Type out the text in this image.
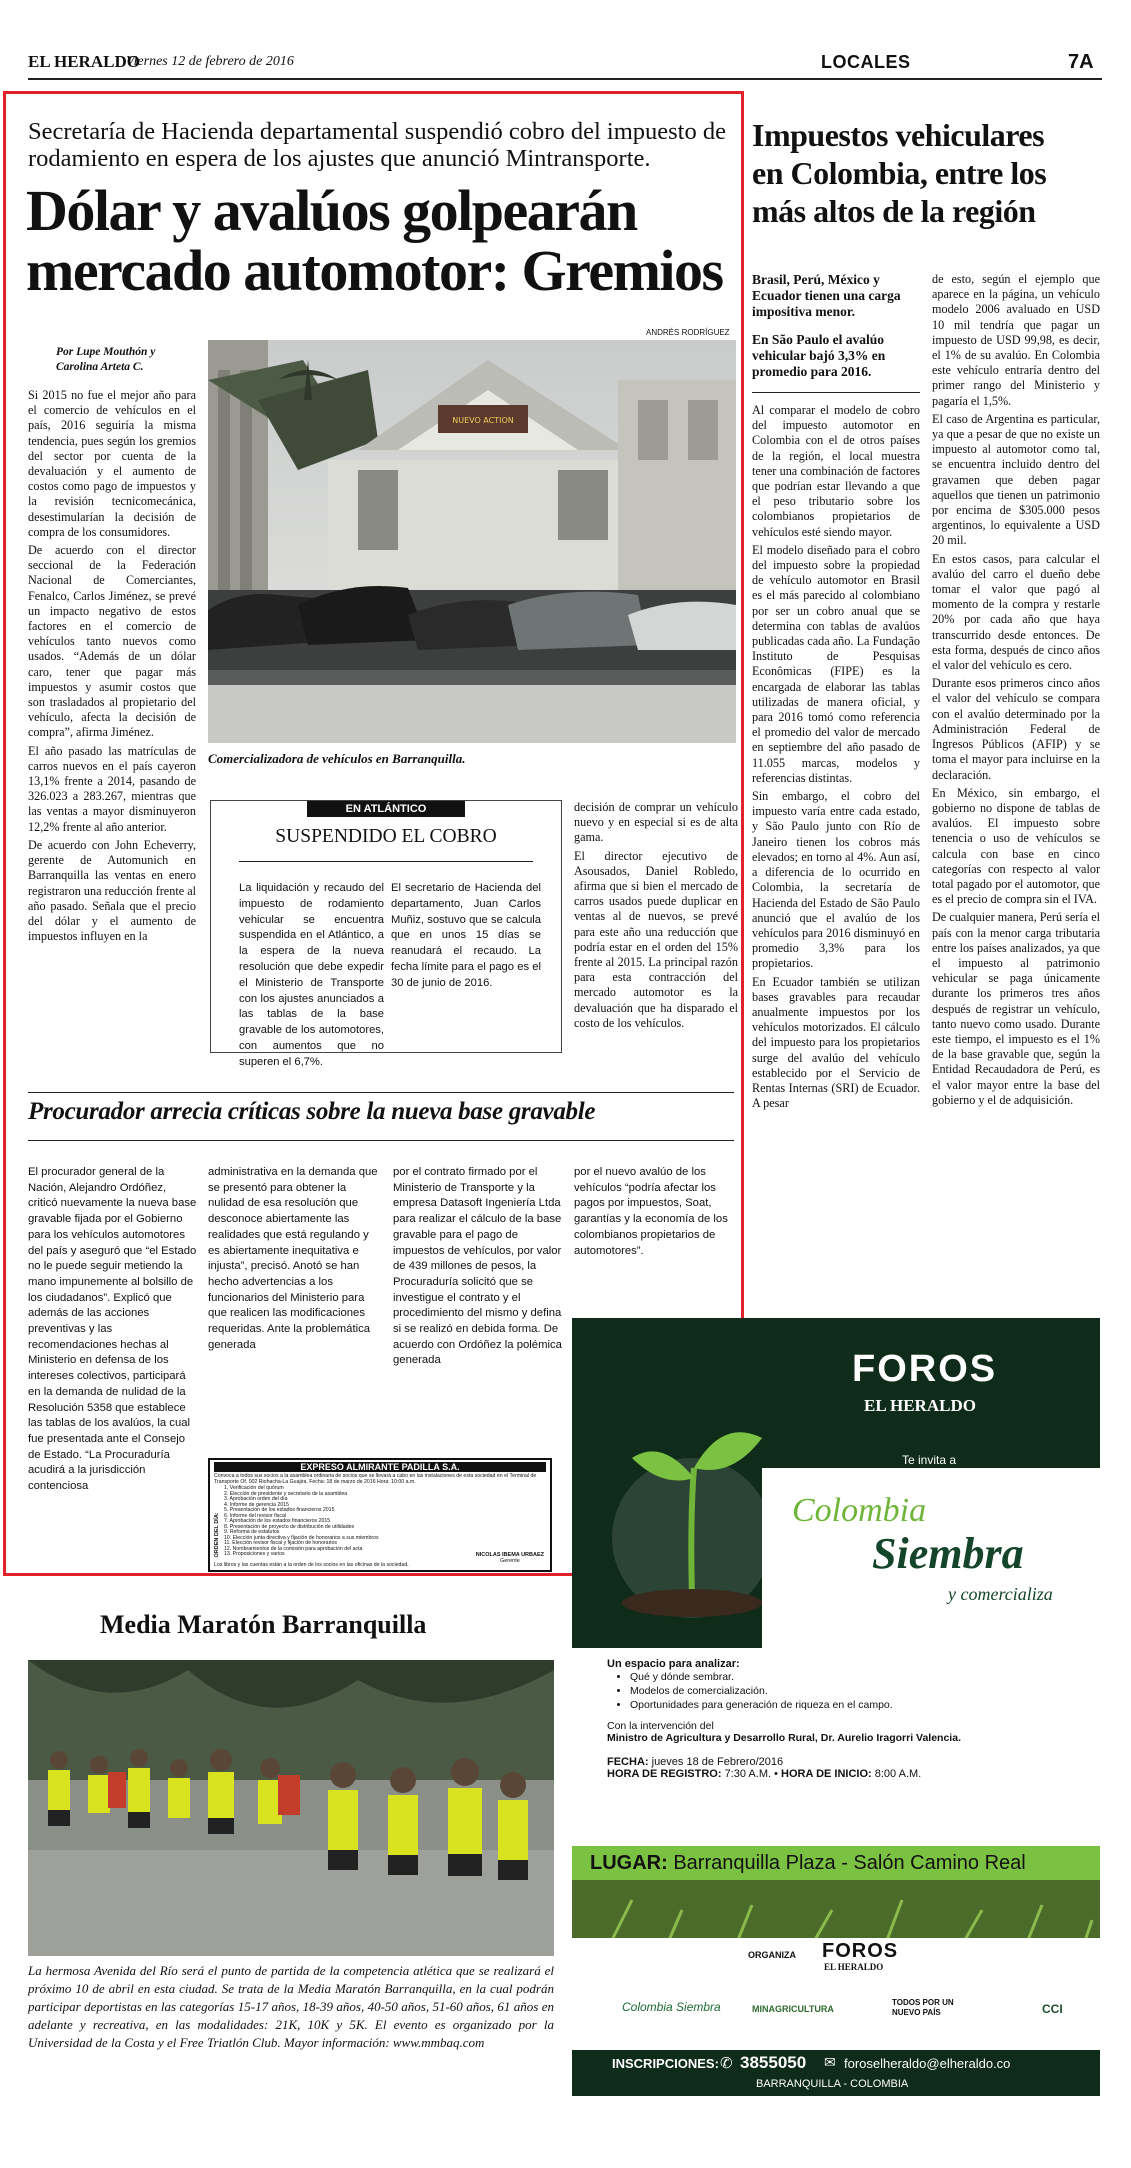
EL HERALDO
Viernes 12 de febrero de 2016	LOCALES	7A
Secretaría de Hacienda departamental suspendió cobro del impuesto de rodamiento en espera de los ajustes que anunció Mintransporte.
Dólar y avalúos golpearán
mercado automotor: Gremios
Por Lupe Mouthón y
Carolina Arteta C.
ANDRÉS RODRÍGUEZ
NUEVO ACTION
Comercializadora de vehículos en Barranquilla.

Si 2015 no fue el mejor año para el comercio de vehículos en el país, 2016 seguiría la misma tendencia, pues según los gremios del sector por cuenta de la devaluación y el aumento de costos como pago de impuestos y la revisión tecnicomecánica, desestimularían la decisión de compra de los consumidores.

De acuerdo con el director seccional de la Federación Nacional de Comerciantes, Fenalco, Carlos Jiménez, se prevé un impacto negativo de estos factores en el comercio de vehículos tanto nuevos como usados. “Además de un dólar caro, tener que pagar más impuestos y asumir costos que son trasladados al propietario del vehículo, afecta la decisión de compra”, afirma Jiménez.

El año pasado las matrículas de carros nuevos en el país cayeron 13,1% frente a 2014, pasando de 326.023 a 283.267, mientras que las ventas a mayor disminuyeron 12,2% frente al año anterior.

De acuerdo con John Echeverry, gerente de Automunich en Barranquilla las ventas en enero registraron una reducción frente al año pasado. Señala que el precio del dólar y el aumento de impuestos influyen en la

EN ATLÁNTICO
SUSPENDIDO EL COBRO
La liquidación y recaudo del impuesto de rodamiento vehicular se encuentra suspendida en el Atlántico, a la espera de la nueva resolución que debe expedir el Ministerio de Transporte con los ajustes anunciados a las tablas de la base gravable de los automotores, con aumentos que no superen el 6,7%.
El secretario de Hacienda del departamento, Juan Carlos Muñiz, sostuvo que se calcula que en unos 15 días se reanudará el recaudo. La fecha límite para el pago es el 30 de junio de 2016.

decisión de comprar un vehículo nuevo y en especial si es de alta gama.

El director ejecutivo de Asousados, Daniel Robledo, afirma que si bien el mercado de carros usados puede duplicar en ventas al de nuevos, se prevé para este año una reducción que podría estar en el orden del 15% frente al 2015. La principal razón para esta contracción del mercado automotor es la devaluación que ha disparado el costo de los vehículos.

Procurador arrecia críticas sobre la nueva base gravable
El procurador general de la Nación, Alejandro Ordóñez, criticó nuevamente la nueva base gravable fijada por el Gobierno para los vehículos automotores del país y aseguró que “el Estado no le puede seguir metiendo la mano impunemente al bolsillo de los ciudadanos”. Explicó que además de las acciones preventivas y las recomendaciones hechas al Ministerio en defensa de los intereses colectivos, participará en la demanda de nulidad de la Resolución 5358 que establece las tablas de los avalúos, la cual fue presentada ante el Consejo de Estado. “La Procuraduría acudirá a la jurisdicción contenciosa
administrativa en la demanda que se presentó para obtener la nulidad de esa resolución que desconoce abiertamente las realidades que está regulando y es abiertamente inequitativa e injusta”, precisó. Anotó se han hecho advertencias a los funcionarios del Ministerio para que realicen las modificaciones requeridas. Ante la problemática generada
por el contrato firmado por el Ministerio de Transporte y la empresa Datasoft Ingeniería Ltda para realizar el cálculo de la base gravable para el pago de impuestos de vehículos, por valor de 439 millones de pesos, la Procuraduría solicitó que se investigue el contrato y el procedimiento del mismo y defina si se realizó en debida forma. De acuerdo con Ordóñez la polémica generada
por el nuevo avalúo de los vehículos “podría afectar los pagos por impuestos, Soat, garantías y la economía de los colombianos propietarios de automotores”.
EXPRESO ALMIRANTE PADILLA S.A.
Convoca a todos sus socios a la asamblea ordinaria de socios que se llevará a cabo en las instalaciones de esta sociedad en el Terminal de Transporte Of. 002 Riohacha-La Guajira. Fecha: 18 de marzo de 2016 Hora: 10:00 a.m.
ORDEN DEL DÍA:
1. Verificación del quórum
2. Elección de presidente y secretario de la asamblea
3. Aprobación orden del día
4. Informe de gerencia 2015
5. Presentación de los estados financieros 2015
6. Informe del revisor fiscal
7. Aprobación de los estados financieros 2015
8. Presentación de proyecto de distribución de utilidades
9. Reforma de estatutos
10. Elección junta directiva y fijación de honorarios a sus miembros
11. Elección revisor fiscal y fijación de honorarios
12. Nombramientos de la comisión para aprobación del acta
13. Proposiciones y varios
Los libros y las cuentas están a la orden de los socios en las oficinas de la sociedad.
NICOLAS IBEMA URBAEZ
Gerente
Impuestos vehiculares
en Colombia, entre los
más altos de la región
Brasil, Perú, México y Ecuador tienen una carga impositiva menor.
En São Paulo el avalúo vehicular bajó 3,3% en promedio para 2016.

Al comparar el modelo de cobro del impuesto automotor en Colombia con el de otros países de la región, el local muestra tener una combinación de factores que podrían estar llevando a que el peso tributario sobre los colombianos propietarios de vehículos esté siendo mayor.

El modelo diseñado para el cobro del impuesto sobre la propiedad de vehículo automotor en Brasil es el más parecido al colombiano por ser un cobro anual que se determina con tablas de avalúos publicadas cada año. La Fundação Instituto de Pesquisas Econômicas (FIPE) es la encargada de elaborar las tablas utilizadas de manera oficial, y para 2016 tomó como referencia el promedio del valor de mercado en septiembre del año pasado de 11.055 marcas, modelos y referencias distintas.

Sin embargo, el cobro del impuesto varía entre cada estado, y São Paulo junto con Río de Janeiro tienen los cobros más elevados; en torno al 4%. Aun así, a diferencia de lo ocurrido en Colombia, la secretaría de Hacienda del Estado de São Paulo anunció que el avalúo de los vehículos para 2016 disminuyó en promedio 3,3% para los propietarios.

En Ecuador también se utilizan bases gravables para recaudar anualmente impuestos por los vehículos motorizados. El cálculo del impuesto para los propietarios surge del avalúo del vehículo establecido por el Servicio de Rentas Internas (SRI) de Ecuador. A pesar

de esto, según el ejemplo que aparece en la página, un vehículo modelo 2006 avaluado en USD 10 mil tendría que pagar un impuesto de USD 99,98, es decir, el 1% de su avalúo. En Colombia este vehículo entraría dentro del primer rango del Ministerio y pagaría el 1,5%.

El caso de Argentina es particular, ya que a pesar de que no existe un impuesto al automotor como tal, se encuentra incluido dentro del gravamen que deben pagar aquellos que tienen un patrimonio por encima de $305.000 pesos argentinos, lo equivalente a USD 20 mil.

En estos casos, para calcular el avalúo del carro el dueño debe tomar el valor que pagó al momento de la compra y restarle 20% por cada año que haya transcurrido desde entonces. De esta forma, después de cinco años el valor del vehículo es cero.

Durante esos primeros cinco años el valor del vehículo se compara con el avalúo determinado por la Administración Federal de Ingresos Públicos (AFIP) y se toma el mayor para incluirse en la declaración.

En México, sin embargo, el gobierno no dispone de tablas de avalúos. El impuesto sobre tenencia o uso de vehículos se calcula con base en cinco categorías con respecto al valor total pagado por el automotor, que es el precio de compra sin el IVA.

De cualquier manera, Perú sería el país con la menor carga tributaria entre los países analizados, ya que el impuesto al patrimonio vehicular se paga únicamente durante los primeros tres años después de registrar un vehículo, tanto nuevo como usado. Durante este tiempo, el impuesto es el 1% de la base gravable que, según la Entidad Recaudadora de Perú, es el valor mayor entre la base del gobierno y el de adquisición.

Media Maratón Barranquilla
La hermosa Avenida del Río será el punto de partida de la competencia atlética que se realizará el próximo 10 de abril en esta ciudad. Se trata de la Media Maratón Barranquilla, en la cual podrán participar deportistas en las categorías 15-17 años, 18-39 años, 40-50 años, 51-60 años, 61 años en adelante y recreativa, en las modalidades: 21K, 10K y 5K. El evento es organizado por la Universidad de la Costa y el Free Triatlón Club. Mayor información: www.mmbaq.com
FOROS
EL HERALDO
Te invita a
Colombia
Siembra
y comercializa
Un espacio para analizar:
• Qué y dónde sembrar.
• Modelos de comercialización.
• Oportunidades para generación de riqueza en el campo.
Con la intervención del
Ministro de Agricultura y Desarrollo Rural, Dr. Aurelio Iragorri Valencia.
FECHA: jueves 18 de Febrero/2016
HORA DE REGISTRO: 7:30 A.M. • HORA DE INICIO: 8:00 A.M.
LUGAR: Barranquilla Plaza - Salón Camino Real
ORGANIZA FOROS
EL HERALDO
Colombia Siembra	MINAGRICULTURA
TODOS POR UN NUEVO PAÍS	CCI
INSCRIPCIONES: ✆ 3855050 ✉ foroselheraldo@elheraldo.co
BARRANQUILLA - COLOMBIA
